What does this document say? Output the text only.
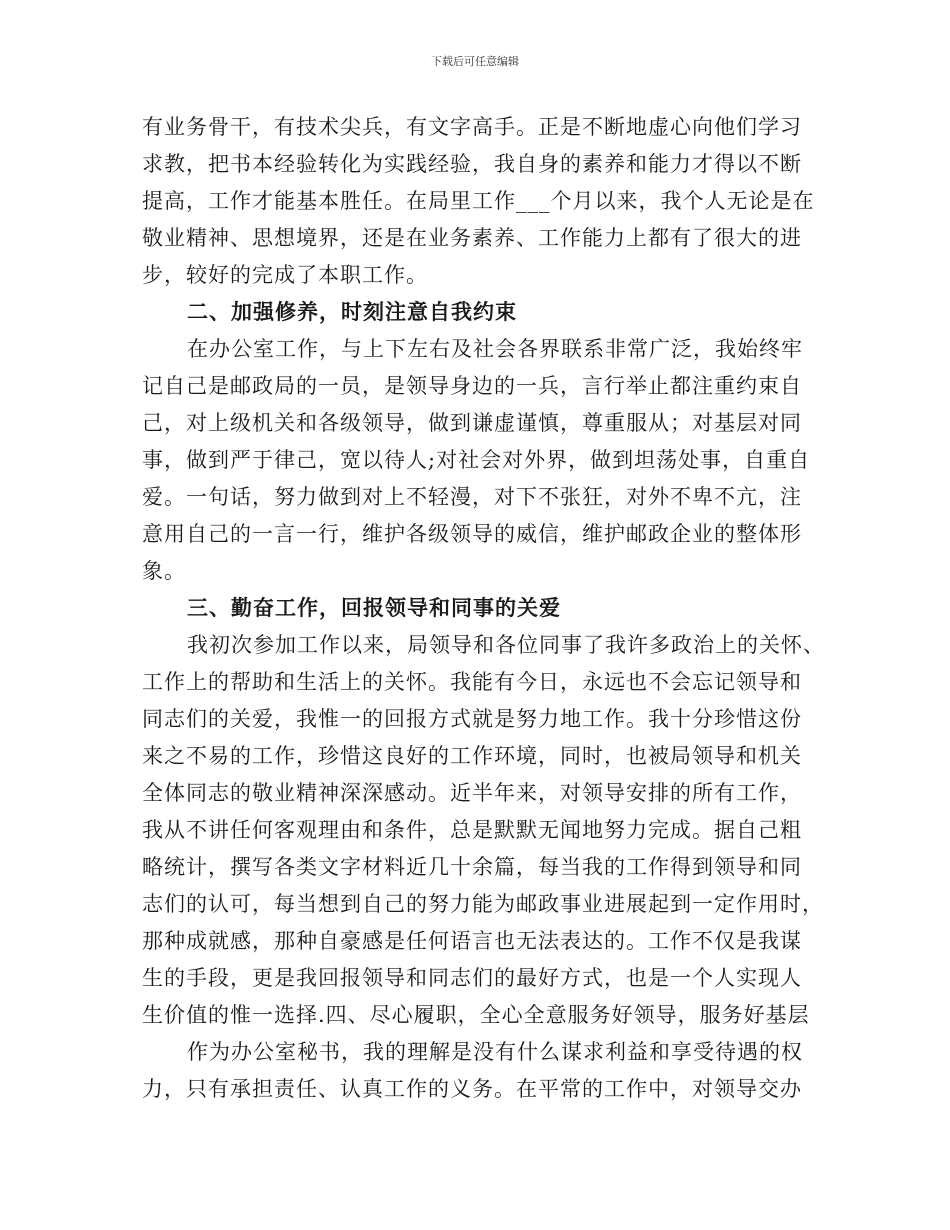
下载后可任意编辑
有业务骨干，有技术尖兵，有文字高手。正是不断地虚心向他们学习
求教，把书本经验转化为实践经验，我自身的素养和能力才得以不断
提高，工作才能基本胜任。在局里工作___个月以来，我个人无论是在
敬业精神、思想境界，还是在业务素养、工作能力上都有了很大的进
步，较好的完成了本职工作。
二、加强修养，时刻注意自我约束
在办公室工作，与上下左右及社会各界联系非常广泛，我始终牢
记自己是邮政局的一员，是领导身边的一兵，言行举止都注重约束自
己，对上级机关和各级领导，做到谦虚谨慎，尊重服从；对基层对同
事，做到严于律己，宽以待人;对社会对外界，做到坦荡处事，自重自
爱。一句话，努力做到对上不轻漫，对下不张狂，对外不卑不亢，注
意用自己的一言一行，维护各级领导的威信，维护邮政企业的整体形
象。
三、勤奋工作，回报领导和同事的关爱
我初次参加工作以来，局领导和各位同事了我许多政治上的关怀、
工作上的帮助和生活上的关怀。我能有今日，永远也不会忘记领导和
同志们的关爱，我惟一的回报方式就是努力地工作。我十分珍惜这份
来之不易的工作，珍惜这良好的工作环境，同时，也被局领导和机关
全体同志的敬业精神深深感动。近半年来，对领导安排的所有工作，
我从不讲任何客观理由和条件，总是默默无闻地努力完成。据自己粗
略统计，撰写各类文字材料近几十余篇，每当我的工作得到领导和同
志们的认可，每当想到自己的努力能为邮政事业进展起到一定作用时，
那种成就感，那种自豪感是任何语言也无法表达的。工作不仅是我谋
生的手段，更是我回报领导和同志们的最好方式，也是一个人实现人
生价值的惟一选择.四、尽心履职，全心全意服务好领导，服务好基层
作为办公室秘书，我的理解是没有什么谋求利益和享受待遇的权
力，只有承担责任、认真工作的义务。在平常的工作中，对领导交办
